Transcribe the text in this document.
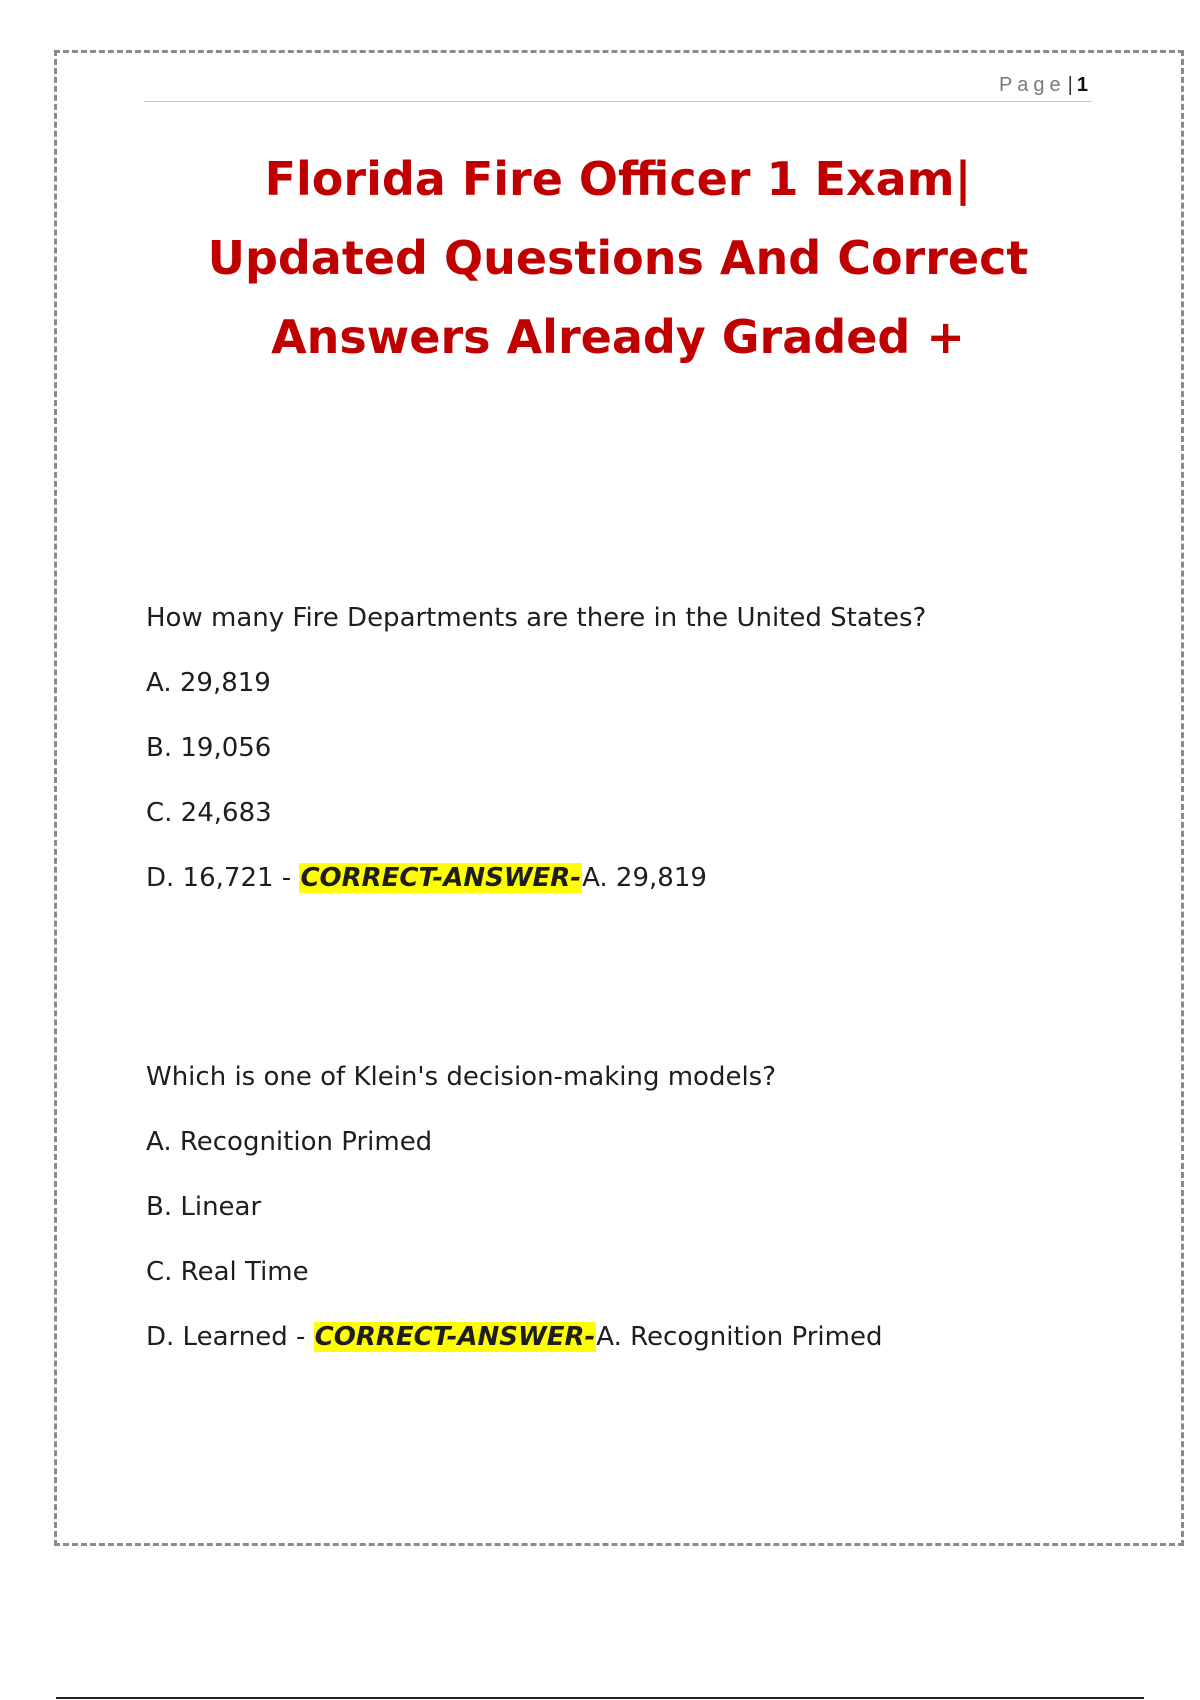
Page | 1
Florida Fire Officer 1 Exam|
Updated Questions And Correct
Answers Already Graded +

How many Fire Departments are there in the United States?

A. 29,819

B. 19,056

C. 24,683

D. 16,721 - CORRECT-ANSWER-A. 29,819

Which is one of Klein's decision-making models?

A. Recognition Primed

B. Linear

C. Real Time

D. Learned - CORRECT-ANSWER-A. Recognition Primed
